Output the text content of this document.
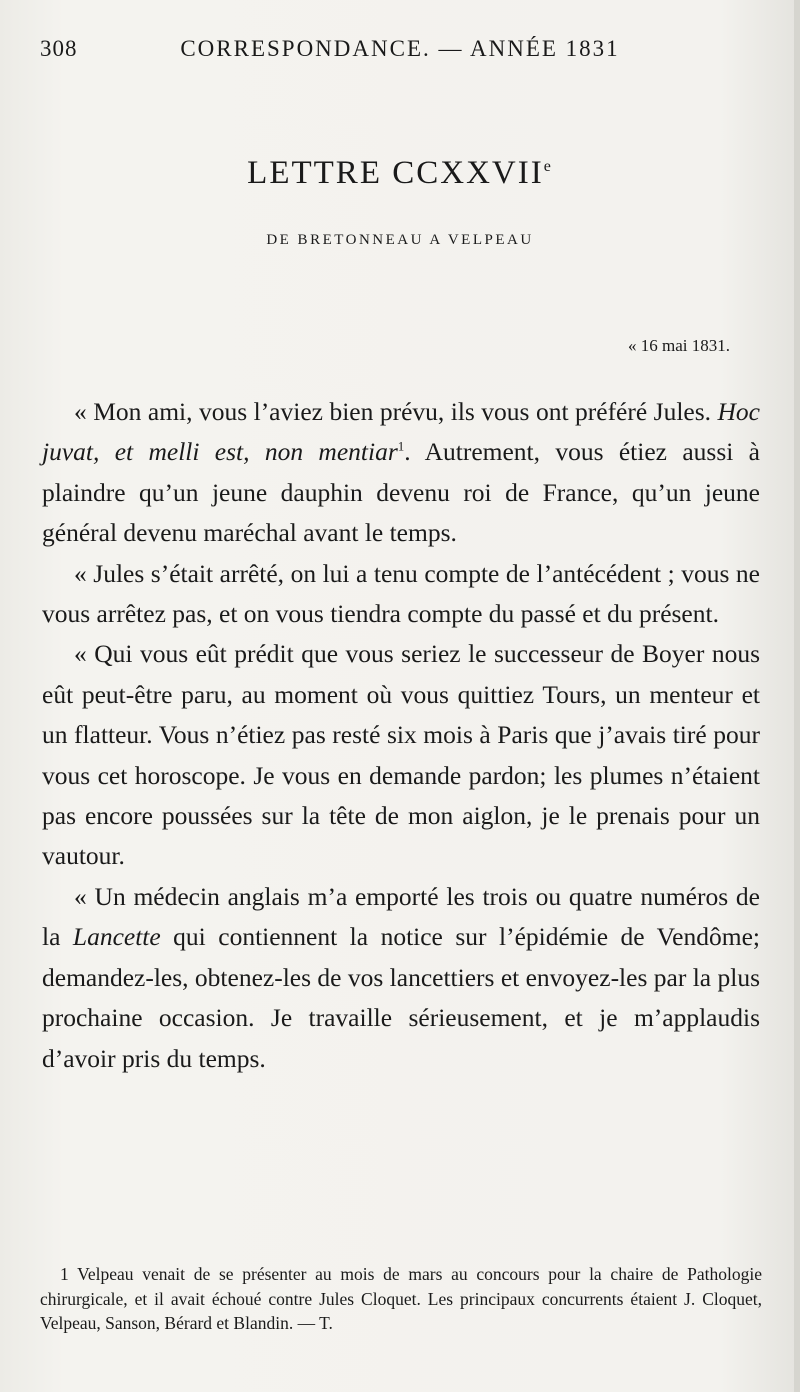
308	CORRESPONDANCE. — ANNÉE 1831
LETTRE CCXXVIIe
DE BRETONNEAU A VELPEAU
« 16 mai 1831.

« Mon ami, vous l’aviez bien prévu, ils vous ont préféré Jules. Hoc juvat, et melli est, non mentiar$^1$. Autrement, vous étiez aussi à plaindre qu’un jeune dauphin devenu roi de France, qu’un jeune général devenu maréchal avant le temps.

« Jules s’était arrêté, on lui a tenu compte de l’antécédent ; vous ne vous arrêtez pas, et on vous tiendra compte du passé et du présent.

« Qui vous eût prédit que vous seriez le successeur de Boyer nous eût peut-être paru, au moment où vous quittiez Tours, un menteur et un flatteur. Vous n’étiez pas resté six mois à Paris que j’avais tiré pour vous cet horoscope. Je vous en demande pardon; les plumes n’étaient pas encore poussées sur la tête de mon aiglon, je le prenais pour un vautour.

« Un médecin anglais m’a emporté les trois ou quatre numéros de la Lancette qui contiennent la notice sur l’épidémie de Vendôme; demandez-les, obtenez-les de vos lancettiers et envoyez-les par la plus prochaine occasion. Je travaille sérieusement, et je m’applaudis d’avoir pris du temps.

1 Velpeau venait de se présenter au mois de mars au concours pour la chaire de Pathologie chirurgicale, et il avait échoué contre Jules Cloquet. Les principaux concurrents étaient J. Cloquet, Velpeau, Sanson, Bérard et Blandin. — T.
